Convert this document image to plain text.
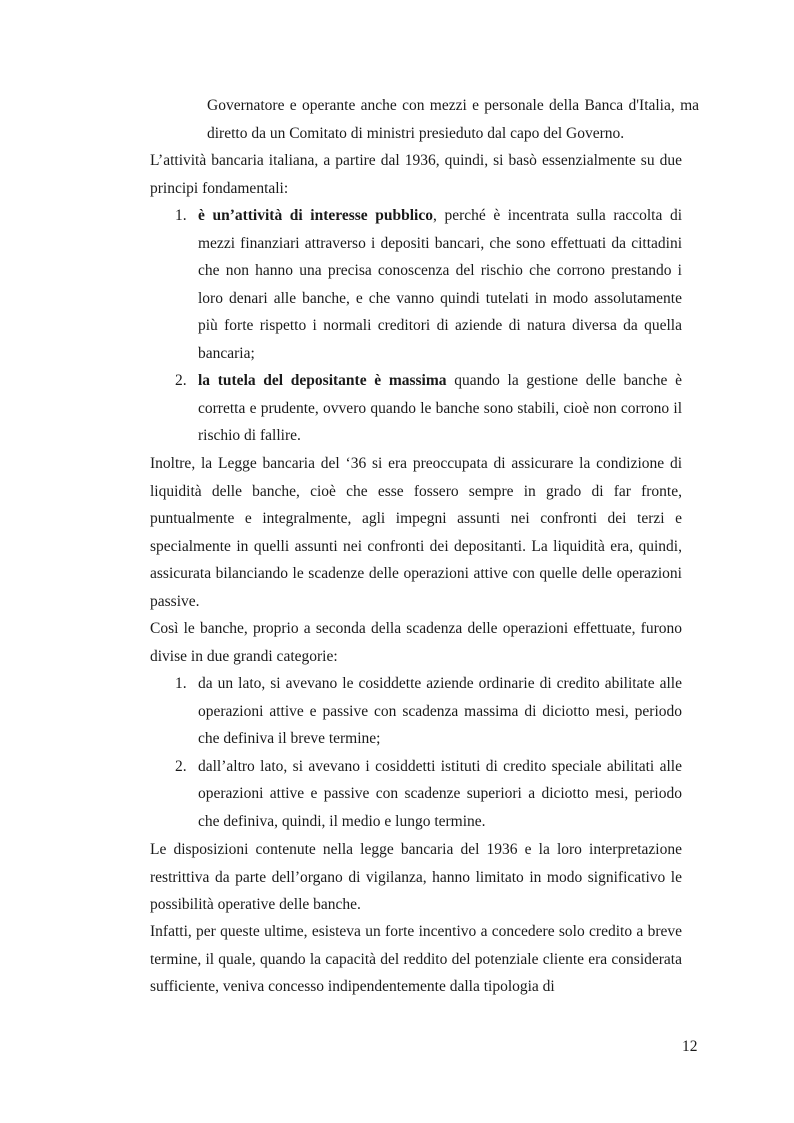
Governatore e operante anche con mezzi e personale della Banca d'Italia, ma diretto da un Comitato di ministri presieduto dal capo del Governo.

L’attività bancaria italiana, a partire dal 1936, quindi, si basò essenzialmente su due principi fondamentali:

1. è un’attività di interesse pubblico, perché è incentrata sulla raccolta di mezzi finanziari attraverso i depositi bancari, che sono effettuati da cittadini che non hanno una precisa conoscenza del rischio che corrono prestando i loro denari alle banche, e che vanno quindi tutelati in modo assolutamente più forte rispetto i normali creditori di aziende di natura diversa da quella bancaria;
2. la tutela del depositante è massima quando la gestione delle banche è corretta e prudente, ovvero quando le banche sono stabili, cioè non corrono il rischio di fallire.

Inoltre, la Legge bancaria del ‘36 si era preoccupata di assicurare la condizione di liquidità delle banche, cioè che esse fossero sempre in grado di far fronte, puntualmente e integralmente, agli impegni assunti nei confronti dei terzi e specialmente in quelli assunti nei confronti dei depositanti. La liquidità era, quindi, assicurata bilanciando le scadenze delle operazioni attive con quelle delle operazioni passive.

Così le banche, proprio a seconda della scadenza delle operazioni effettuate, furono divise in due grandi categorie:

1. da un lato, si avevano le cosiddette aziende ordinarie di credito abilitate alle operazioni attive e passive con scadenza massima di diciotto mesi, periodo che definiva il breve termine;
2. dall’altro lato, si avevano i cosiddetti istituti di credito speciale abilitati alle operazioni attive e passive con scadenze superiori a diciotto mesi, periodo che definiva, quindi, il medio e lungo termine.

Le disposizioni contenute nella legge bancaria del 1936 e la loro interpretazione restrittiva da parte dell’organo di vigilanza, hanno limitato in modo significativo le possibilità operative delle banche.

Infatti, per queste ultime, esisteva un forte incentivo a concedere solo credito a breve termine, il quale, quando la capacità del reddito del potenziale cliente era considerata sufficiente, veniva concesso indipendentemente dalla tipologia di

12
